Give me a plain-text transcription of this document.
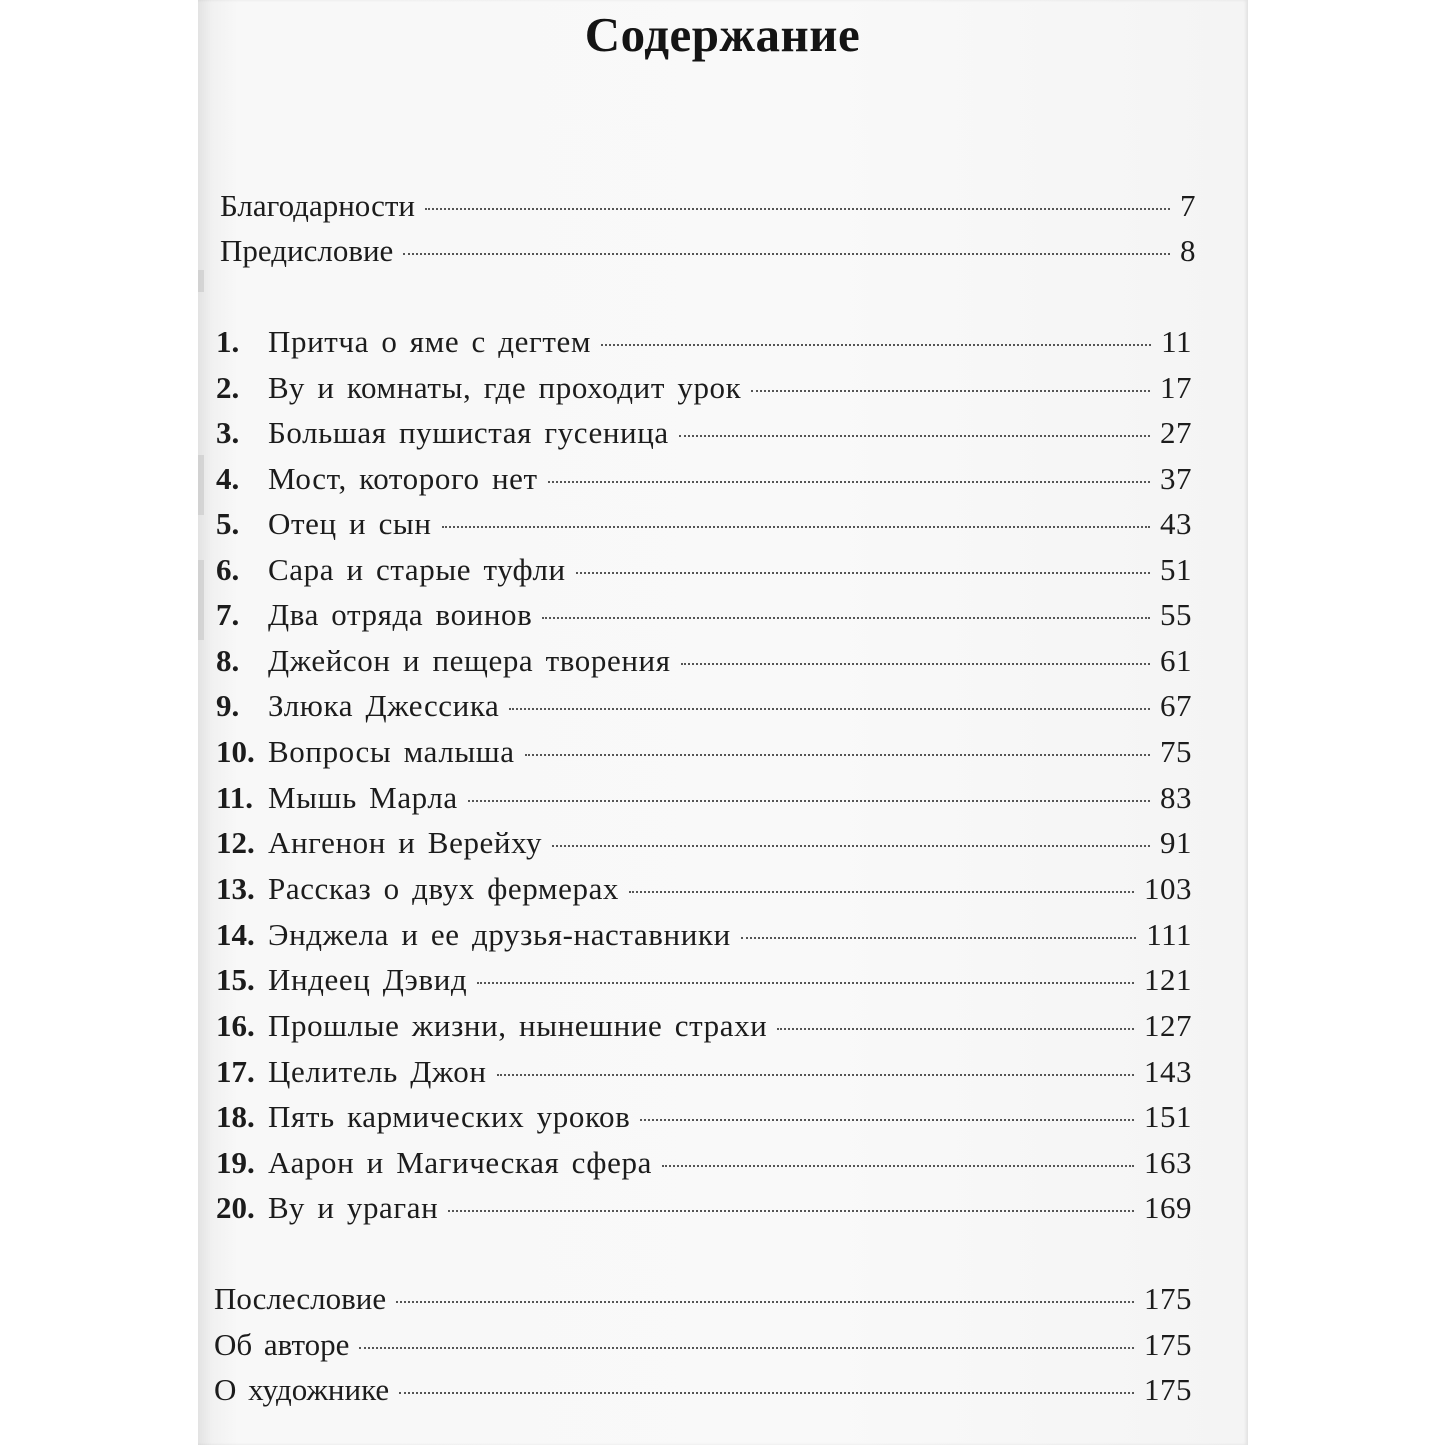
Содержание
Благодарности	7
Предисловие	8
1. Притча о яме с дегтем	11
2. Ву и комнаты, где проходит урок	17
3. Большая пушистая гусеница	27
4. Мост, которого нет	37
5. Отец и сын	43
6. Сара и старые туфли	51
7. Два отряда воинов	55
8. Джейсон и пещера творения	61
9. Злюка Джессика	67
10. Вопросы малыша	75
11. Мышь Марла	83
12. Ангенон и Верейху	91
13. Рассказ о двух фермерах	103
14. Энджела и ее друзья-наставники	111
15. Индеец Дэвид	121
16. Прошлые жизни, нынешние страхи	127
17. Целитель Джон	143
18. Пять кармических уроков	151
19. Аарон и Магическая сфера	163
20. Ву и ураган	169
Послесловие	175
Об авторе	175
О художнике	175
